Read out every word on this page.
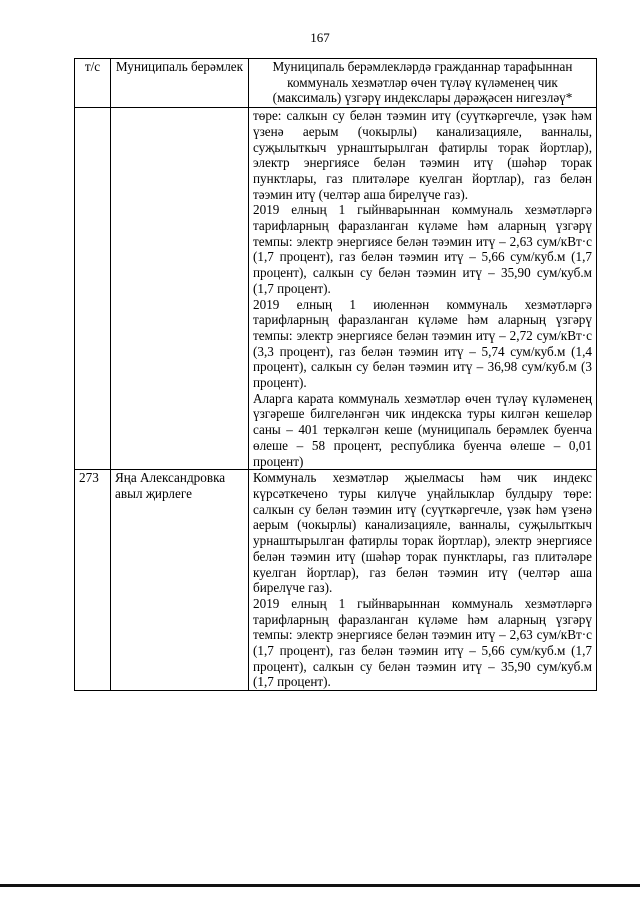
167
т/с	Муниципаль берәмлек	Муниципаль берәмлекләрдә гражданнар тарафыннан коммуналь хезмәтләр өчен түләү күләменең чик (максималь) үзгәрү индекслары дәрәҗәсен нигезләү*

		төре: салкын су белән тәэмин итү (суүткәргечле, үзәк һәм үзенә аерым (чокырлы) канализацияле, ванналы, суҗылыткыч урнаштырылган фатирлы торак йортлар), электр энергиясе белән тәэмин итү (шәһәр торак пунктлары, газ плитәләре куелган йортлар), газ белән тәэмин итү (челтәр аша бирелүче газ).

2019 елның 1 гыйнварыннан коммуналь хезмәтләргә тарифларның фаразланган күләме һәм аларның үзгәрү темпы: электр энергиясе белән тәэмин итү – 2,63 сум/кВт·с (1,7 процент), газ белән тәэмин итү – 5,66 сум/куб.м (1,7 процент), салкын су белән тәэмин итү – 35,90 сум/куб.м (1,7 процент).

2019 елның 1 июленнән коммуналь хезмәтләргә тарифларның фаразланган күләме һәм аларның үзгәрү темпы: электр энергиясе белән тәэмин итү – 2,72 сум/кВт·с (3,3 процент), газ белән тәэмин итү – 5,74 сум/куб.м (1,4 процент), салкын су белән тәэмин итү – 36,98 сум/куб.м (3 процент).

Аларга карата коммуналь хезмәтләр өчен түләү күләменең үзгәреше билгеләнгән чик индекска туры килгән кешеләр саны – 401 теркәлгән кеше (муниципаль берәмлек буенча өлеше – 58 процент, республика буенча өлеше – 0,01 процент)

273	Яңа Александровка авыл җирлеге	Коммуналь хезмәтләр җыелмасы һәм чик индекс күрсәткечено туры килүче уңайлыклар булдыру төре: салкын су белән тәэмин итү (суүткәргечле, үзәк һәм үзенә аерым (чокырлы) канализацияле, ванналы, суҗылыткыч урнаштырылган фатирлы торак йортлар), электр энергиясе белән тәэмин итү (шәһәр торак пунктлары, газ плитәләре куелган йортлар), газ белән тәэмин итү (челтәр аша бирелүче газ).

2019 елның 1 гыйнварыннан коммуналь хезмәтләргә тарифларның фаразланган күләме һәм аларның үзгәрү темпы: электр энергиясе белән тәэмин итү – 2,63 сум/кВт·с (1,7 процент), газ белән тәэмин итү – 5,66 сум/куб.м (1,7 процент), салкын су белән тәэмин итү – 35,90 сум/куб.м (1,7 процент).
